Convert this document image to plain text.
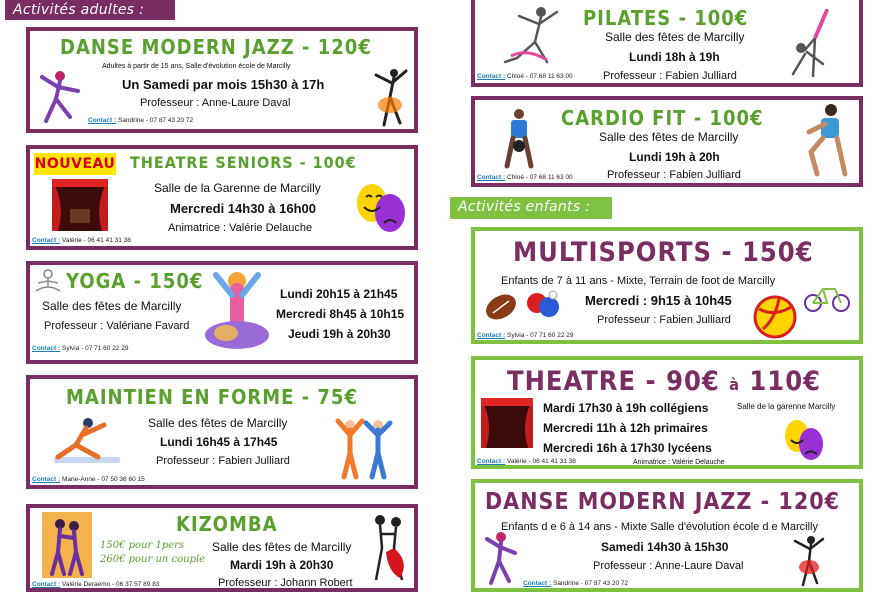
Activités adultes :
Activités enfants :
DANSE MODERN JAZZ - 120€
Adultes à partir de 15 ans, Salle d'évolution école de Marcilly
Un Samedi par mois 15h30 à 17h
Professeur : Anne-Laure Daval
Contact : Sandrine - 07 87 43 20 72
NOUVEAU THEATRE SENIORS - 100€
Salle de la Garenne de Marcilly
Mercredi 14h30 à 16h00
Animatrice : Valérie Delauche
Contact : Valérie - 06 41 41 31 38
YOGA - 150€
Salle des fêtes de Marcilly
Professeur : Valériane Favard
Lundi 20h15 à 21h45
Mercredi 8h45 à 10h15
Jeudi 19h à 20h30
Contact : Sylvia - 07 71 60 22 29
MAINTIEN EN FORME - 75€
Salle des fêtes de Marcilly
Lundi 16h45 à 17h45
Professeur : Fabien Julliard
Contact : Marie-Anne - 07 50 36 60 15
KIZOMBA
150€ pour 1pers
260€ pour un couple
Salle des fêtes de Marcilly
Mardi 19h à 20h30
Professeur : Johann Robert
Contact : Valérie Deraemo - 06 37 57 89 83
PILATES - 100€
Salle des fêtes de Marcilly
Lundi 18h à 19h
Professeur : Fabien Julliard
Contact : Chloé - 07 68 11 63 00
CARDIO FIT - 100€
Salle des fêtes de Marcilly
Lundi 19h à 20h
Professeur : Fabien Julliard
Contact : Chloé - 07 68 11 63 00
MULTISPORTS - 150€
Enfants de 7 à 11 ans - Mixte, Terrain de foot de Marcilly
Mercredi : 9h15 à 10h45
Professeur : Fabien Julliard
Contact : Sylvia - 07 71 60 22 29
THEATRE - 90€ à 110€
Mardi 17h30 à 19h collégiens
Mercredi 11h à 12h primaires
Mercredi 16h à 17h30 lycéens
Salle de la garenne Marcilly
Animatrice : Valérie Delauche
Contact : Valérie - 06 41 41 31 38
DANSE MODERN JAZZ - 120€
Enfants d e 6 à 14 ans - Mixte Salle d'évolution école d e Marcilly
Samedi 14h30 à 15h30
Professeur : Anne-Laure Daval
Contact : Sandrine - 07 87 43 20 72
